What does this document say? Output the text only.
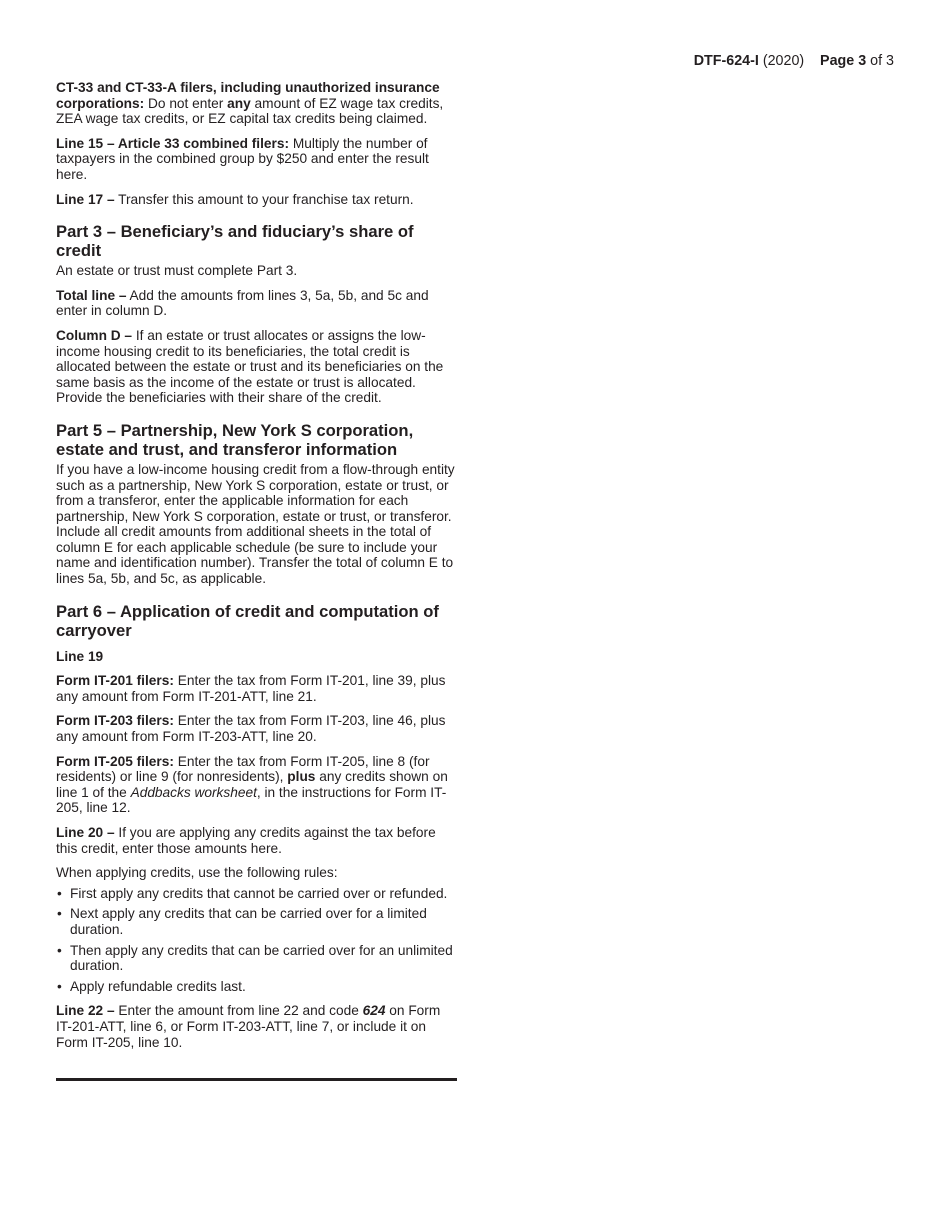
DTF-624-I (2020) Page 3 of 3

CT-33 and CT-33-A filers, including unauthorized insurance corporations: Do not enter any amount of EZ wage tax credits, ZEA wage tax credits, or EZ capital tax credits being claimed.

Line 15 – Article 33 combined filers: Multiply the number of taxpayers in the combined group by $250 and enter the result here.

Line 17 – Transfer this amount to your franchise tax return.

Part 3 – Beneficiary’s and fiduciary’s share of credit

An estate or trust must complete Part 3.

Total line – Add the amounts from lines 3, 5a, 5b, and 5c and enter in column D.

Column D – If an estate or trust allocates or assigns the low-income housing credit to its beneficiaries, the total credit is allocated between the estate or trust and its beneficiaries on the same basis as the income of the estate or trust is allocated. Provide the beneficiaries with their share of the credit.

Part 5 – Partnership, New York S corporation, estate and trust, and transferor information

If you have a low-income housing credit from a flow-through entity such as a partnership, New York S corporation, estate or trust, or from a transferor, enter the applicable information for each partnership, New York S corporation, estate or trust, or transferor. Include all credit amounts from additional sheets in the total of column E for each applicable schedule (be sure to include your name and identification number). Transfer the total of column E to lines 5a, 5b, and 5c, as applicable.

Part 6 – Application of credit and computation of carryover

Line 19

Form IT-201 filers: Enter the tax from Form IT-201, line 39, plus any amount from Form IT-201-ATT, line 21.

Form IT-203 filers: Enter the tax from Form IT-203, line 46, plus any amount from Form IT-203-ATT, line 20.

Form IT-205 filers: Enter the tax from Form IT-205, line 8 (for residents) or line 9 (for nonresidents), plus any credits shown on line 1 of the Addbacks worksheet, in the instructions for Form IT-205, line 12.

Line 20 – If you are applying any credits against the tax before this credit, enter those amounts here.

When applying credits, use the following rules:

• First apply any credits that cannot be carried over or refunded.
• Next apply any credits that can be carried over for a limited duration.
• Then apply any credits that can be carried over for an unlimited duration.
• Apply refundable credits last.

Line 22 – Enter the amount from line 22 and code 624 on Form IT-201-ATT, line 6, or Form IT-203-ATT, line 7, or include it on Form IT-205, line 10.
